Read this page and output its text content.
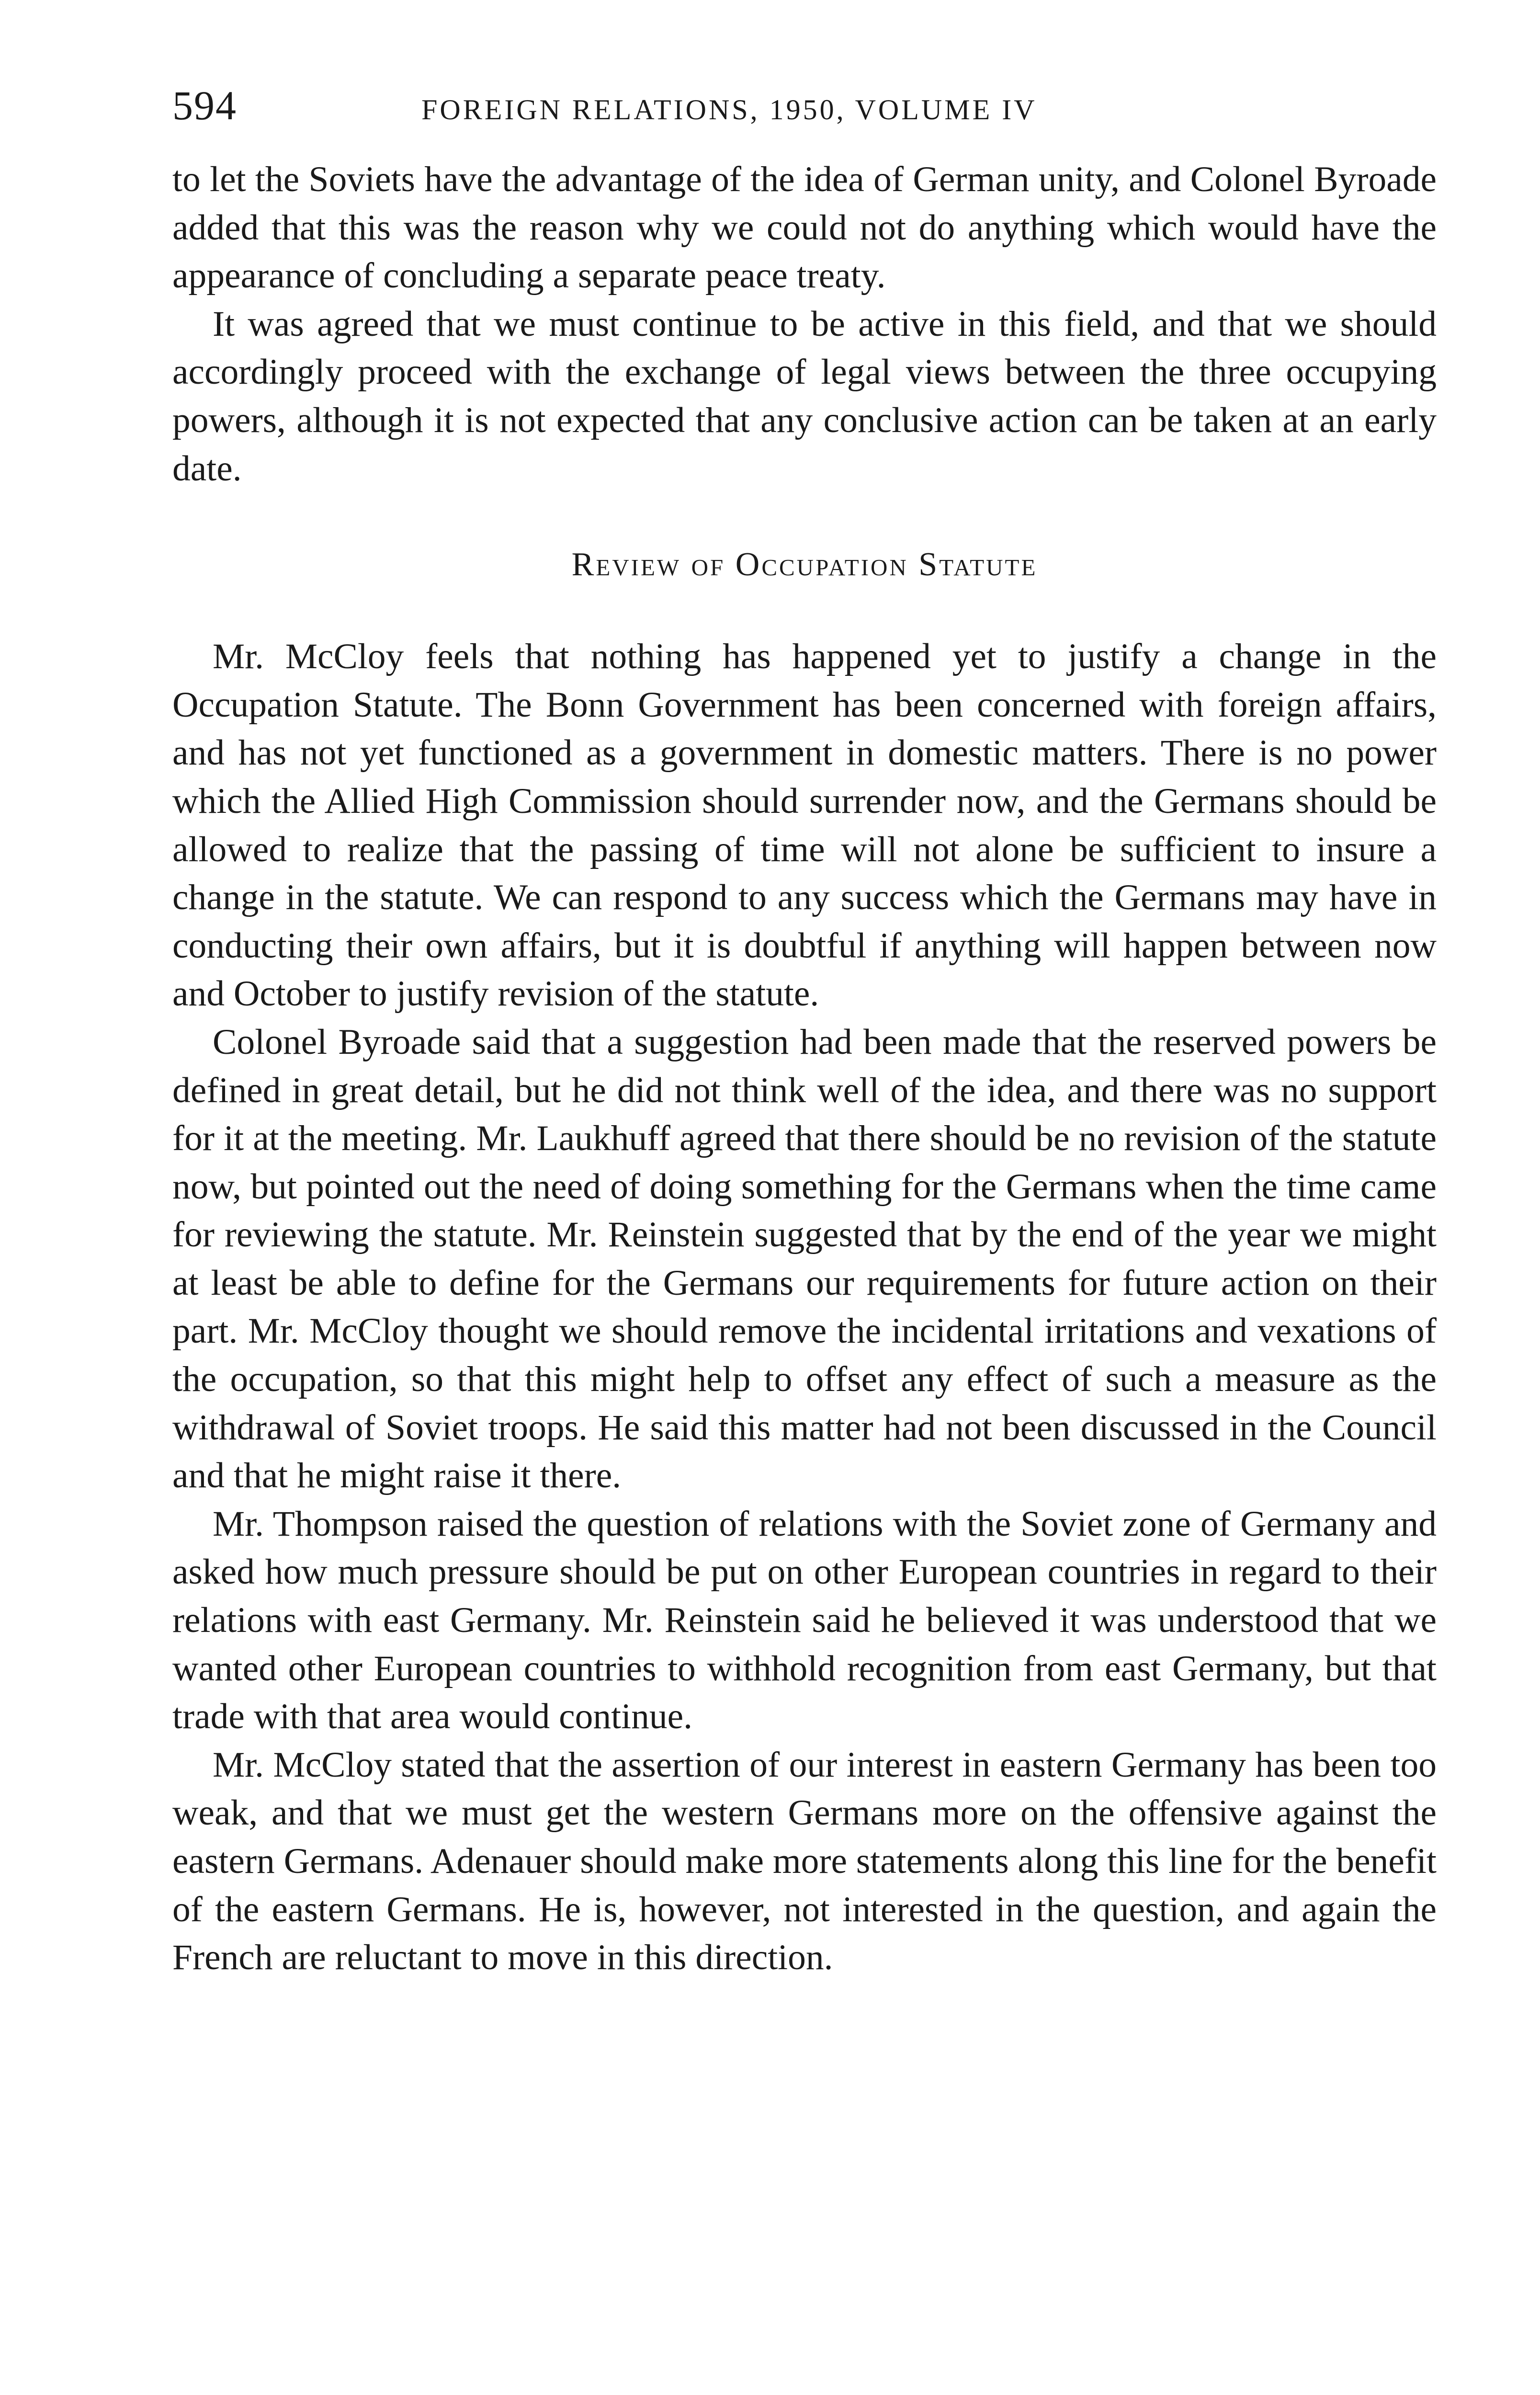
594	FOREIGN RELATIONS, 1950, VOLUME IV

to let the Soviets have the advantage of the idea of German unity, and Colonel Byroade added that this was the reason why we could not do anything which would have the appearance of concluding a separate peace treaty.

It was agreed that we must continue to be active in this field, and that we should accordingly proceed with the exchange of legal views between the three occupying powers, although it is not expected that any conclusive action can be taken at an early date.

Review of Occupation Statute

Mr. McCloy feels that nothing has happened yet to justify a change in the Occupation Statute. The Bonn Government has been concerned with foreign affairs, and has not yet functioned as a government in domestic matters. There is no power which the Allied High Commission should surrender now, and the Germans should be allowed to realize that the passing of time will not alone be sufficient to insure a change in the statute. We can respond to any success which the Germans may have in conducting their own affairs, but it is doubtful if anything will happen between now and October to justify revision of the statute.

Colonel Byroade said that a suggestion had been made that the reserved powers be defined in great detail, but he did not think well of the idea, and there was no support for it at the meeting. Mr. Laukhuff agreed that there should be no revision of the statute now, but pointed out the need of doing something for the Germans when the time came for reviewing the statute. Mr. Reinstein suggested that by the end of the year we might at least be able to define for the Germans our requirements for future action on their part. Mr. McCloy thought we should remove the incidental irritations and vexations of the occupation, so that this might help to offset any effect of such a measure as the withdrawal of Soviet troops. He said this matter had not been discussed in the Council and that he might raise it there.

Mr. Thompson raised the question of relations with the Soviet zone of Germany and asked how much pressure should be put on other European countries in regard to their relations with east Germany. Mr. Reinstein said he believed it was understood that we wanted other European countries to withhold recognition from east Germany, but that trade with that area would continue.

Mr. McCloy stated that the assertion of our interest in eastern Germany has been too weak, and that we must get the western Germans more on the offensive against the eastern Germans. Adenauer should make more statements along this line for the benefit of the eastern Germans. He is, however, not interested in the question, and again the French are reluctant to move in this direction.
